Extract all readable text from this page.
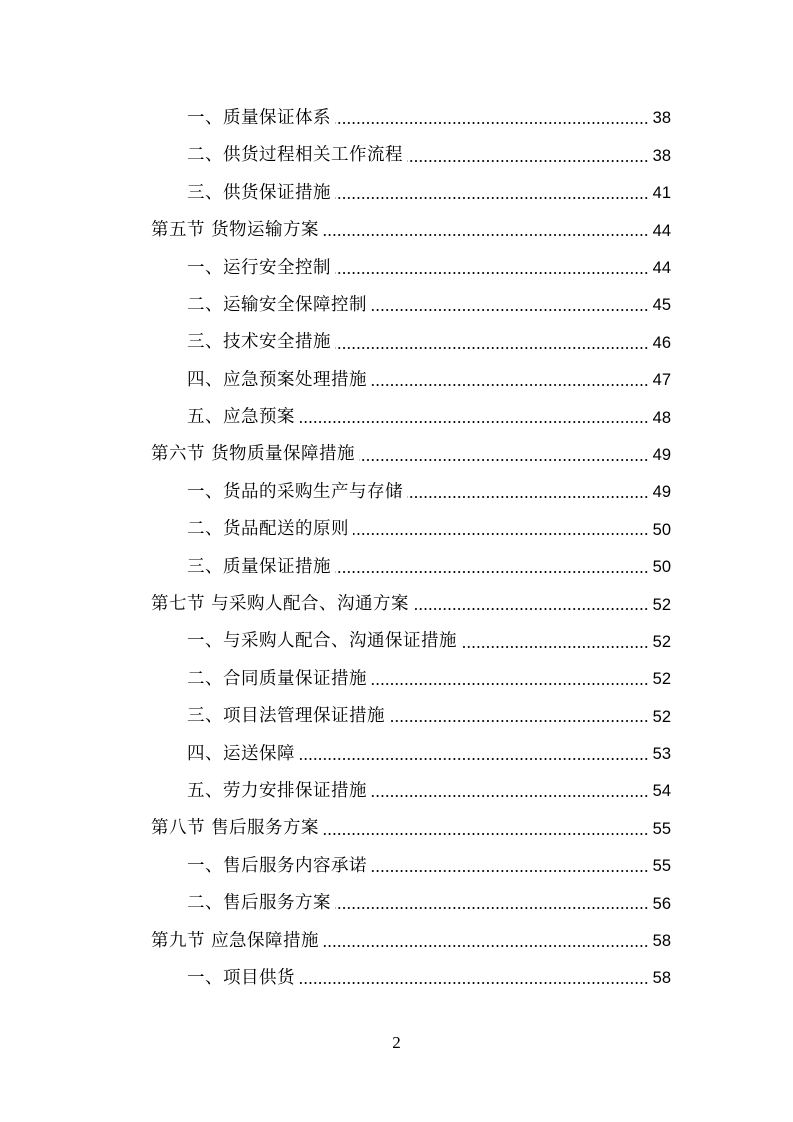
一、质量保证体系	38
二、供货过程相关工作流程	38
三、供货保证措施	41
第五节 货物运输方案	44
一、运行安全控制	44
二、运输安全保障控制	45
三、技术安全措施	46
四、应急预案处理措施	47
五、应急预案	48
第六节 货物质量保障措施	49
一、货品的采购生产与存储	49
二、货品配送的原则	50
三、质量保证措施	50
第七节 与采购人配合、沟通方案	52
一、与采购人配合、沟通保证措施	52
二、合同质量保证措施	52
三、项目法管理保证措施	52
四、运送保障	53
五、劳力安排保证措施	54
第八节 售后服务方案	55
一、售后服务内容承诺	55
二、售后服务方案	56
第九节 应急保障措施	58
一、项目供货	58
2
